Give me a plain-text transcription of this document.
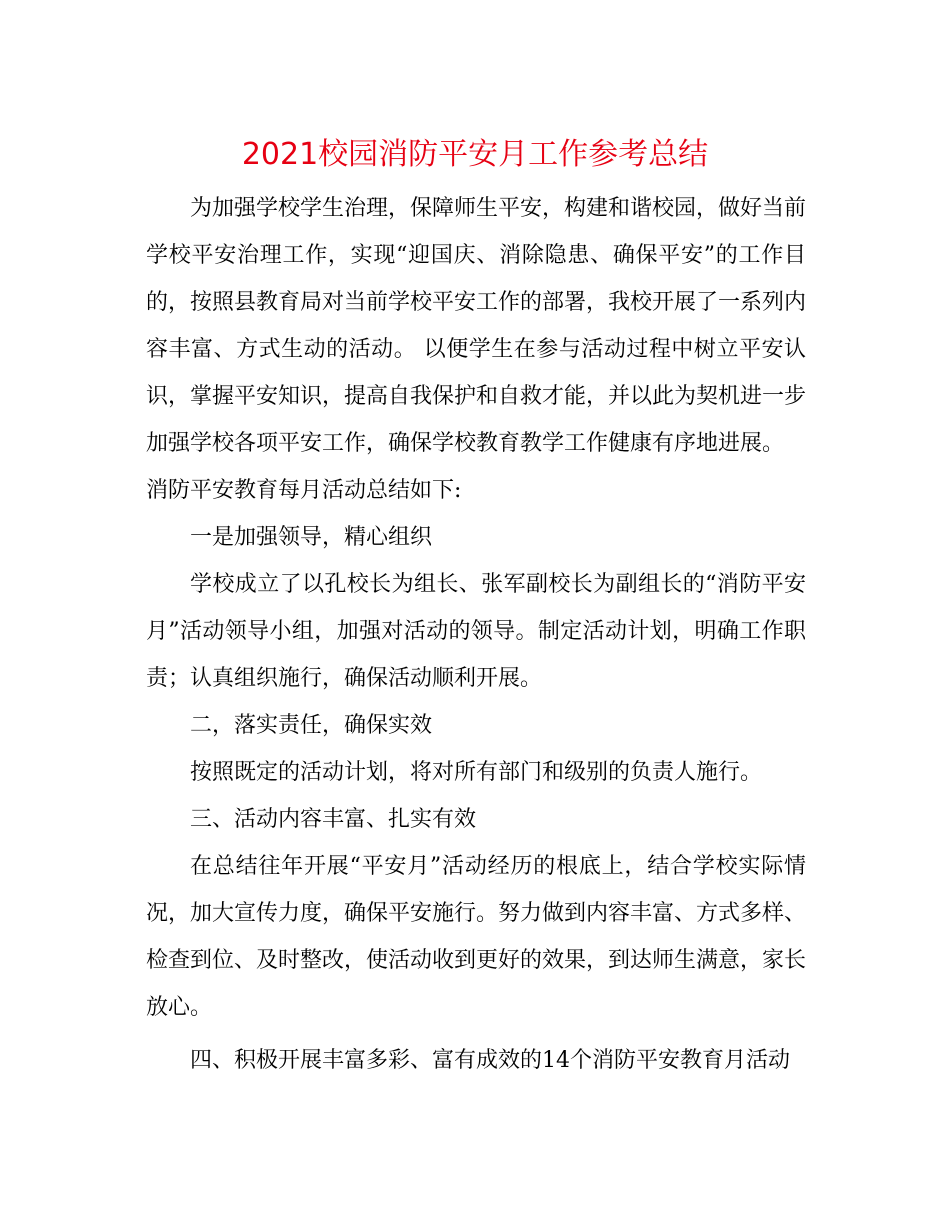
2021校园消防平安月工作参考总结

为加强学校学生治理，保障师生平安，构建和谐校园，做好当前学校平安治理工作，实现“迎国庆、消除隐患、确保平安”的工作目的，按照县教育局对当前学校平安工作的部署，我校开展了一系列内容丰富、方式生动的活动。 以便学生在参与活动过程中树立平安认识，掌握平安知识，提高自我保护和自救才能，并以此为契机进一步加强学校各项平安工作，确保学校教育教学工作健康有序地进展。
消防平安教育每月活动总结如下:

一是加强领导，精心组织

学校成立了以孔校长为组长、张军副校长为副组长的“消防平安月”活动领导小组，加强对活动的领导。制定活动计划，明确工作职责；认真组织施行，确保活动顺利开展。

二，落实责任，确保实效

按照既定的活动计划，将对所有部门和级别的负责人施行。

三、活动内容丰富、扎实有效

在总结往年开展“平安月”活动经历的根底上，结合学校实际情况，加大宣传力度，确保平安施行。努力做到内容丰富、方式多样、检查到位、及时整改，使活动收到更好的效果，到达师生满意，家长放心。

四、积极开展丰富多彩、富有成效的14个消防平安教育月活动
